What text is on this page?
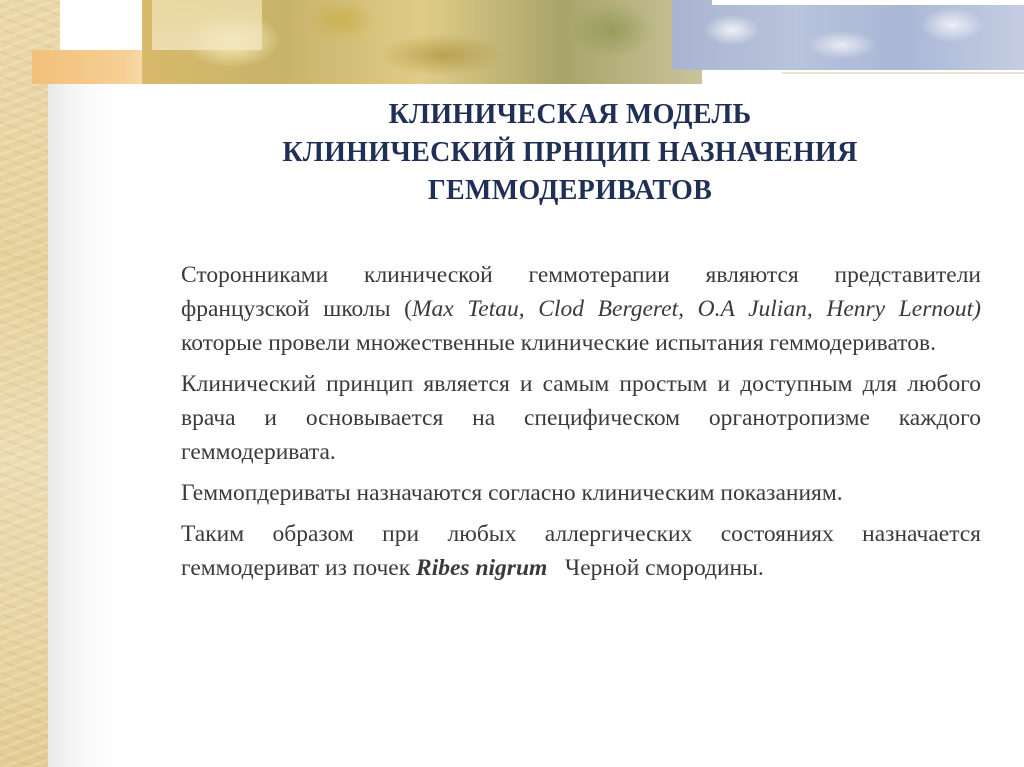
КЛИНИЧЕСКАЯ МОДЕЛЬ
КЛИНИЧЕСКИЙ ПРНЦИП НАЗНАЧЕНИЯ
ГЕММОДЕРИВАТОВ

Сторонниками клинической геммотерапии являются представители французской школы (Max Tetau, Clod Bergeret, O.A Julian, Henry Lernout) которые провели множественные клинические испытания геммодериватов.

Клинический принцип является и самым простым и доступным для любого врача и основывается на специфическом органотропизме каждого геммодеривата.

Геммопдериваты назначаются согласно клиническим показаниям.

Таким образом при любых аллергических состояниях назначается геммодериват из почек Ribes nigrum   Черной смородины.
